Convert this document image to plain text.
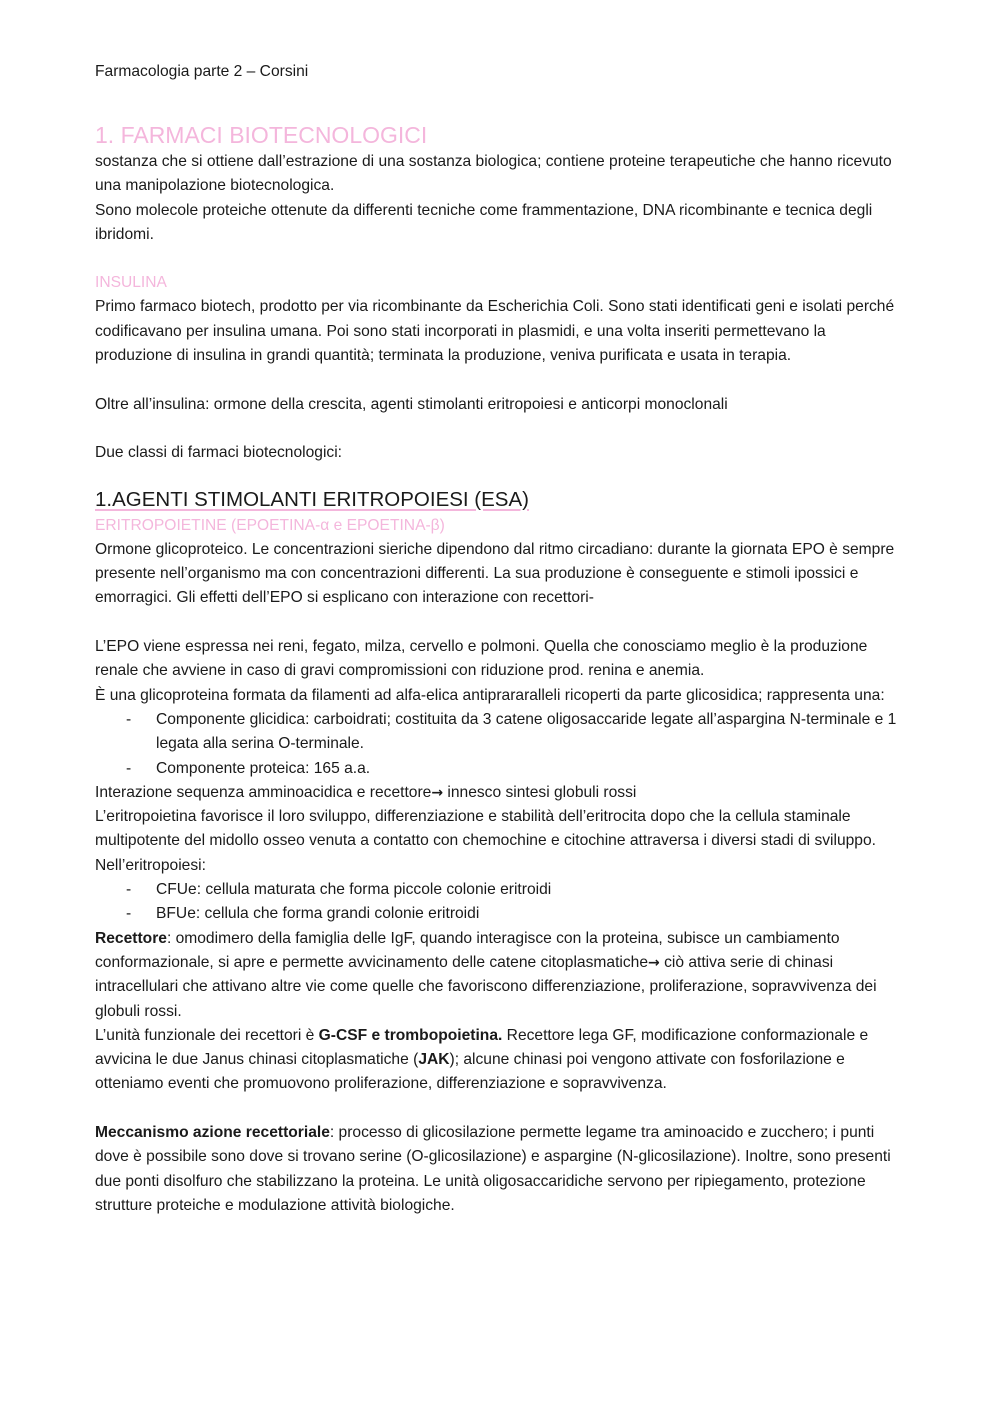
Farmacologia parte 2 – Corsini

1. FARMACI BIOTECNOLOGICI

sostanza che si ottiene dall’estrazione di una sostanza biologica; contiene proteine terapeutiche che hanno ricevuto una manipolazione biotecnologica.

Sono molecole proteiche ottenute da differenti tecniche come frammentazione, DNA ricombinante e tecnica degli ibridomi.

INSULINA

Primo farmaco biotech, prodotto per via ricombinante da Escherichia Coli. Sono stati identificati geni e isolati perché codificavano per insulina umana. Poi sono stati incorporati in plasmidi, e una volta inseriti permettevano la produzione di insulina in grandi quantità; terminata la produzione, veniva purificata e usata in terapia.

Oltre all’insulina: ormone della crescita, agenti stimolanti eritropoiesi e anticorpi monoclonali

Due classi di farmaci biotecnologici:

1.AGENTI STIMOLANTI ERITROPOIESI (ESA)

ERITROPOIETINE (EPOETINA-α e EPOETINA-β)

Ormone glicoproteico. Le concentrazioni sieriche dipendono dal ritmo circadiano: durante la giornata EPO è sempre presente nell’organismo ma con concentrazioni differenti. La sua produzione è conseguente e stimoli ipossici e emorragici. Gli effetti dell’EPO si esplicano con interazione con recettori-

L’EPO viene espressa nei reni, fegato, milza, cervello e polmoni. Quella che conosciamo meglio è la produzione renale che avviene in caso di gravi compromissioni con riduzione prod. renina e anemia.

È una glicoproteina formata da filamenti ad alfa-elica antiprararalleli ricoperti da parte glicosidica; rappresenta una:

- Componente glicidica: carboidrati; costituita da 3 catene oligosaccaride legate all’aspargina N-terminale e 1 legata alla serina O-terminale.
- Componente proteica: 165 a.a.

Interazione sequenza amminoacidica e recettore→ innesco sintesi globuli rossi

L’eritropoietina favorisce il loro sviluppo, differenziazione e stabilità dell’eritrocita dopo che la cellula staminale multipotente del midollo osseo venuta a contatto con chemochine e citochine attraversa i diversi stadi di sviluppo.

Nell’eritropoiesi:

- CFUe: cellula maturata che forma piccole colonie eritroidi
- BFUe: cellula che forma grandi colonie eritroidi

Recettore: omodimero della famiglia delle IgF, quando interagisce con la proteina, subisce un cambiamento conformazionale, si apre e permette avvicinamento delle catene citoplasmatiche→ ciò attiva serie di chinasi intracellulari che attivano altre vie come quelle che favoriscono differenziazione, proliferazione, sopravvivenza dei globuli rossi.

L’unità funzionale dei recettori è G-CSF e trombopoietina. Recettore lega GF, modificazione conformazionale e avvicina le due Janus chinasi citoplasmatiche (JAK); alcune chinasi poi vengono attivate con fosforilazione e otteniamo eventi che promuovono proliferazione, differenziazione e sopravvivenza.

Meccanismo azione recettoriale: processo di glicosilazione permette legame tra aminoacido e zucchero; i punti dove è possibile sono dove si trovano serine (O-glicosilazione) e aspargine (N-glicosilazione). Inoltre, sono presenti due ponti disolfuro che stabilizzano la proteina. Le unità oligosaccaridiche servono per ripiegamento, protezione strutture proteiche e modulazione attività biologiche.
